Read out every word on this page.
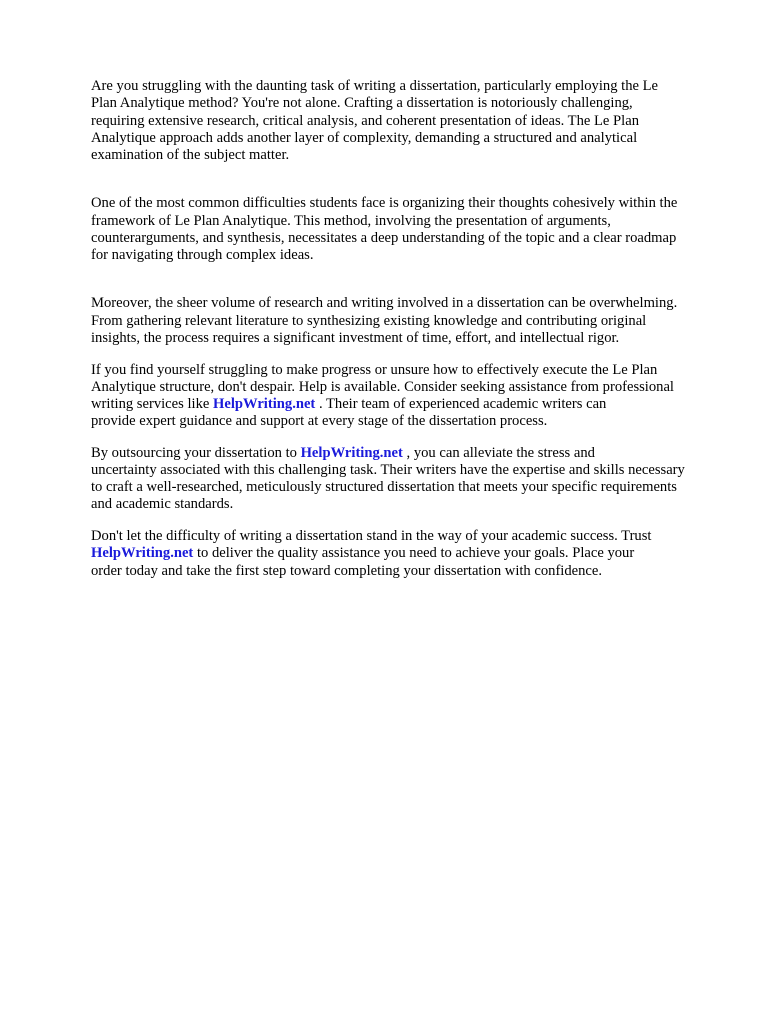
Are you struggling with the daunting task of writing a dissertation, particularly employing the Le
Plan Analytique method? You're not alone. Crafting a dissertation is notoriously challenging,
requiring extensive research, critical analysis, and coherent presentation of ideas. The Le Plan
Analytique approach adds another layer of complexity, demanding a structured and analytical
examination of the subject matter.

One of the most common difficulties students face is organizing their thoughts cohesively within the
framework of Le Plan Analytique. This method, involving the presentation of arguments,
counterarguments, and synthesis, necessitates a deep understanding of the topic and a clear roadmap
for navigating through complex ideas.

Moreover, the sheer volume of research and writing involved in a dissertation can be overwhelming.
From gathering relevant literature to synthesizing existing knowledge and contributing original
insights, the process requires a significant investment of time, effort, and intellectual rigor.

If you find yourself struggling to make progress or unsure how to effectively execute the Le Plan
Analytique structure, don't despair. Help is available. Consider seeking assistance from professional
writing services like HelpWriting.net . Their team of experienced academic writers can
provide expert guidance and support at every stage of the dissertation process.

By outsourcing your dissertation to HelpWriting.net , you can alleviate the stress and
uncertainty associated with this challenging task. Their writers have the expertise and skills necessary
to craft a well-researched, meticulously structured dissertation that meets your specific requirements
and academic standards.

Don't let the difficulty of writing a dissertation stand in the way of your academic success. Trust
HelpWriting.net to deliver the quality assistance you need to achieve your goals. Place your
order today and take the first step toward completing your dissertation with confidence.
